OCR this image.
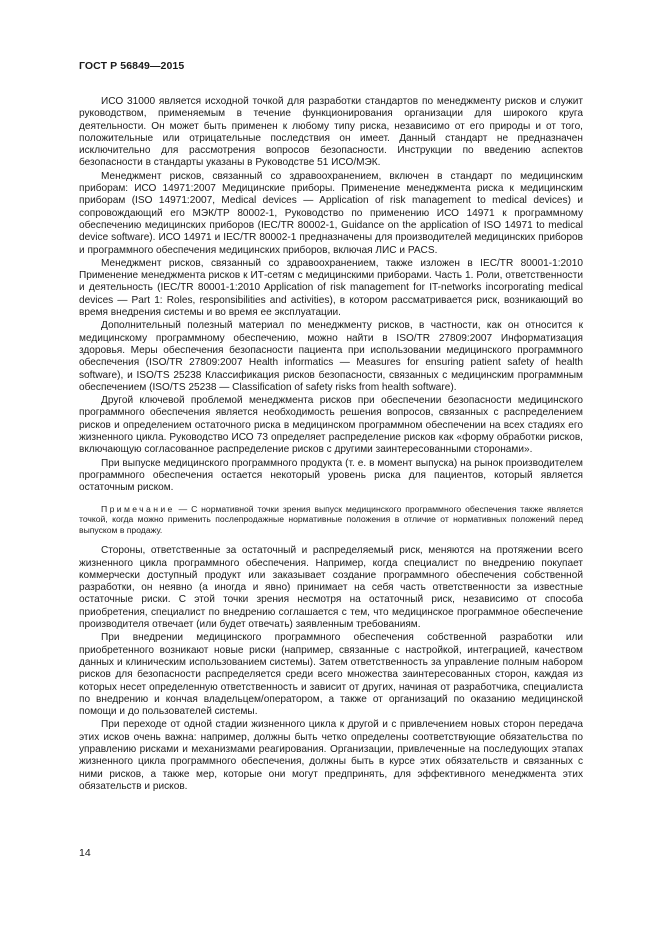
ГОСТ Р 56849—2015

ИСО 31000 является исходной точкой для разработки стандартов по менеджменту рисков и служит руководством, применяемым в течение функционирования организации для широкого круга деятельности. Он может быть применен к любому типу риска, независимо от его природы и от того, положительные или отрицательные последствия он имеет. Данный стандарт не предназначен исключительно для рассмотрения вопросов безопасности. Инструкции по введению аспектов безопасности в стандарты указаны в Руководстве 51 ИСО/МЭК.

Менеджмент рисков, связанный со здравоохранением, включен в стандарт по медицинским приборам: ИСО 14971:2007 Медицинские приборы. Применение менеджмента риска к медицинским приборам (ISO 14971:2007, Medical devices — Application of risk management to medical devices) и сопровождающий его МЭК/ТР 80002-1, Руководство по применению ИСО 14971 к программному обеспечению медицинских приборов (IEC/TR 80002-1, Guidance on the application of ISO 14971 to medical device software). ИСО 14971 и IEC/TR 80002-1 предназначены для производителей медицинских приборов и программного обеспечения медицинских приборов, включая ЛИС и PACS.

Менеджмент рисков, связанный со здравоохранением, также изложен в IEC/TR 80001-1:2010 Применение менеджмента рисков к ИТ-сетям с медицинскими приборами. Часть 1. Роли, ответственности и деятельность (IEC/TR 80001-1:2010 Application of risk management for IT-networks incorporating medical devices — Part 1: Roles, responsibilities and activities), в котором рассматривается риск, возникающий во время внедрения системы и во время ее эксплуатации.

Дополнительный полезный материал по менеджменту рисков, в частности, как он относится к медицинскому программному обеспечению, можно найти в ISO/TR 27809:2007 Информатизация здоровья. Меры обеспечения безопасности пациента при использовании медицинского программного обеспечения (ISO/TR 27809:2007 Health informatics — Measures for ensuring patient safety of health software), и ISO/TS 25238 Классификация рисков безопасности, связанных с медицинским программным обеспечением (ISO/TS 25238 — Classification of safety risks from health software).

Другой ключевой проблемой менеджмента рисков при обеспечении безопасности медицинского программного обеспечения является необходимость решения вопросов, связанных с распределением рисков и определением остаточного риска в медицинском программном обеспечении на всех стадиях его жизненного цикла. Руководство ИСО 73 определяет распределение рисков как «форму обработки рисков, включающую согласованное распределение рисков с другими заинтересованными сторонами».

При выпуске медицинского программного продукта (т. е. в момент выпуска) на рынок производителем программного обеспечения остается некоторый уровень риска для пациентов, который является остаточным риском.

Примечание — С нормативной точки зрения выпуск медицинского программного обеспечения также является точкой, когда можно применить послепродажные нормативные положения в отличие от нормативных положений перед выпуском в продажу.

Стороны, ответственные за остаточный и распределяемый риск, меняются на протяжении всего жизненного цикла программного обеспечения. Например, когда специалист по внедрению покупает коммерчески доступный продукт или заказывает создание программного обеспечения собственной разработки, он неявно (а иногда и явно) принимает на себя часть ответственности за известные остаточные риски. С этой точки зрения несмотря на остаточный риск, независимо от способа приобретения, специалист по внедрению соглашается с тем, что медицинское программное обеспечение производителя отвечает (или будет отвечать) заявленным требованиям.

При внедрении медицинского программного обеспечения собственной разработки или приобретенного возникают новые риски (например, связанные с настройкой, интеграцией, качеством данных и клиническим использованием системы). Затем ответственность за управление полным набором рисков для безопасности распределяется среди всего множества заинтересованных сторон, каждая из которых несет определенную ответственность и зависит от других, начиная от разработчика, специалиста по внедрению и кончая владельцем/оператором, а также от организаций по оказанию медицинской помощи и до пользователей системы.

При переходе от одной стадии жизненного цикла к другой и с привлечением новых сторон передача этих исков очень важна: например, должны быть четко определены соответствующие обязательства по управлению рисками и механизмами реагирования. Организации, привлеченные на последующих этапах жизненного цикла программного обеспечения, должны быть в курсе этих обязательств и связанных с ними рисков, а также мер, которые они могут предпринять, для эффективного менеджмента этих обязательств и рисков.

14
